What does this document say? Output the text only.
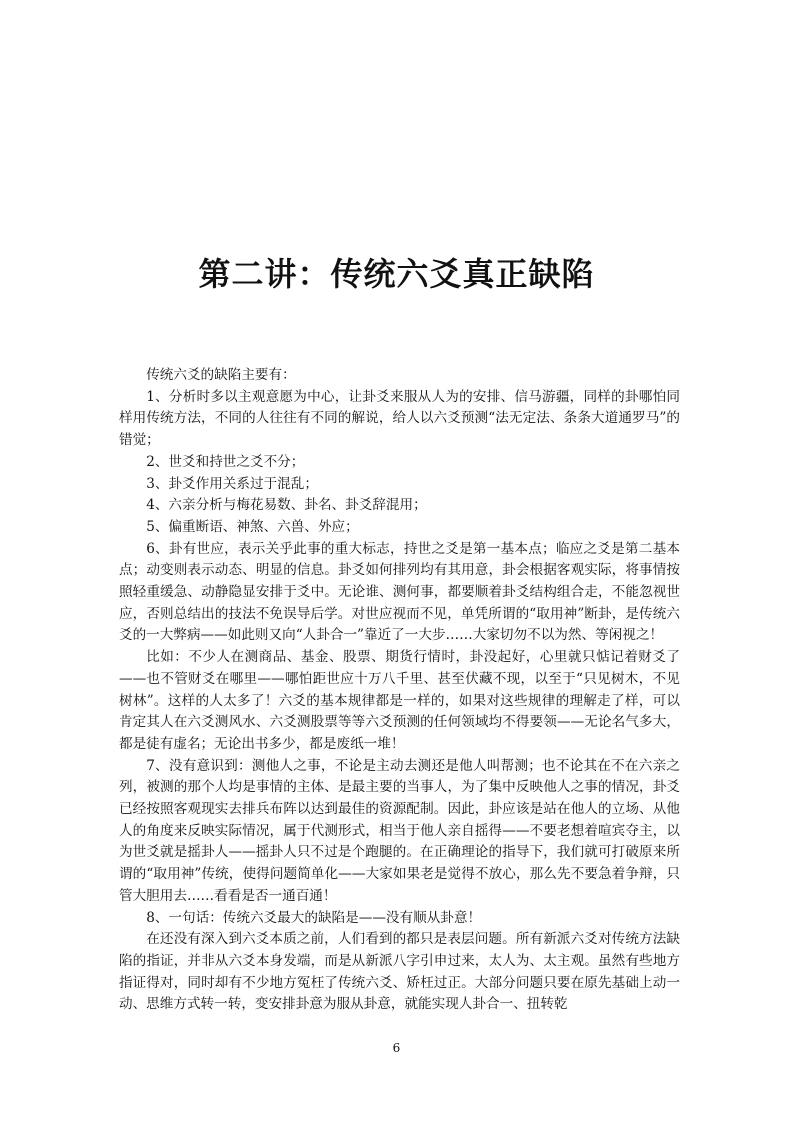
第二讲：传统六爻真正缺陷

传统六爻的缺陷主要有：

1、分析时多以主观意愿为中心，让卦爻来服从人为的安排、信马游疆，同样的卦哪怕同样用传统方法，不同的人往往有不同的解说，给人以六爻预测“法无定法、条条大道通罗马”的错觉；

2、世爻和持世之爻不分；

3、卦爻作用关系过于混乱；

4、六亲分析与梅花易数、卦名、卦爻辞混用；

5、偏重断语、神煞、六兽、外应；

6、卦有世应，表示关乎此事的重大标志，持世之爻是第一基本点；临应之爻是第二基本点；动变则表示动态、明显的信息。卦爻如何排列均有其用意，卦会根据客观实际，将事情按照轻重缓急、动静隐显安排于爻中。无论谁、测何事，都要顺着卦爻结构组合走，不能忽视世应，否则总结出的技法不免误导后学。对世应视而不见，单凭所谓的“取用神”断卦，是传统六爻的一大弊病——如此则又向“人卦合一”靠近了一大步……大家切勿不以为然、等闲视之！

比如：不少人在测商品、基金、股票、期货行情时，卦没起好，心里就只惦记着财爻了——也不管财爻在哪里——哪怕距世应十万八千里、甚至伏藏不现，以至于“只见树木，不见树林”。这样的人太多了！六爻的基本规律都是一样的，如果对这些规律的理解走了样，可以肯定其人在六爻测风水、六爻测股票等等六爻预测的任何领域均不得要领——无论名气多大，都是徒有虚名；无论出书多少，都是废纸一堆！

7、没有意识到：测他人之事，不论是主动去测还是他人叫帮测；也不论其在不在六亲之列，被测的那个人均是事情的主体、是最主要的当事人，为了集中反映他人之事的情况，卦爻已经按照客观现实去排兵布阵以达到最佳的资源配制。因此，卦应该是站在他人的立场、从他人的角度来反映实际情况，属于代测形式，相当于他人亲自摇得——不要老想着喧宾夺主，以为世爻就是摇卦人——摇卦人只不过是个跑腿的。在正确理论的指导下，我们就可打破原来所谓的“取用神”传统，使得问题简单化——大家如果老是觉得不放心，那么先不要急着争辩，只管大胆用去……看看是否一通百通！

8、一句话：传统六爻最大的缺陷是——没有顺从卦意！

在还没有深入到六爻本质之前，人们看到的都只是表层问题。所有新派六爻对传统方法缺陷的指证，并非从六爻本身发端，而是从新派八字引申过来，太人为、太主观。虽然有些地方指证得对，同时却有不少地方冤枉了传统六爻、矫枉过正。大部分问题只要在原先基础上动一动、思维方式转一转，变安排卦意为服从卦意，就能实现人卦合一、扭转乾

6
